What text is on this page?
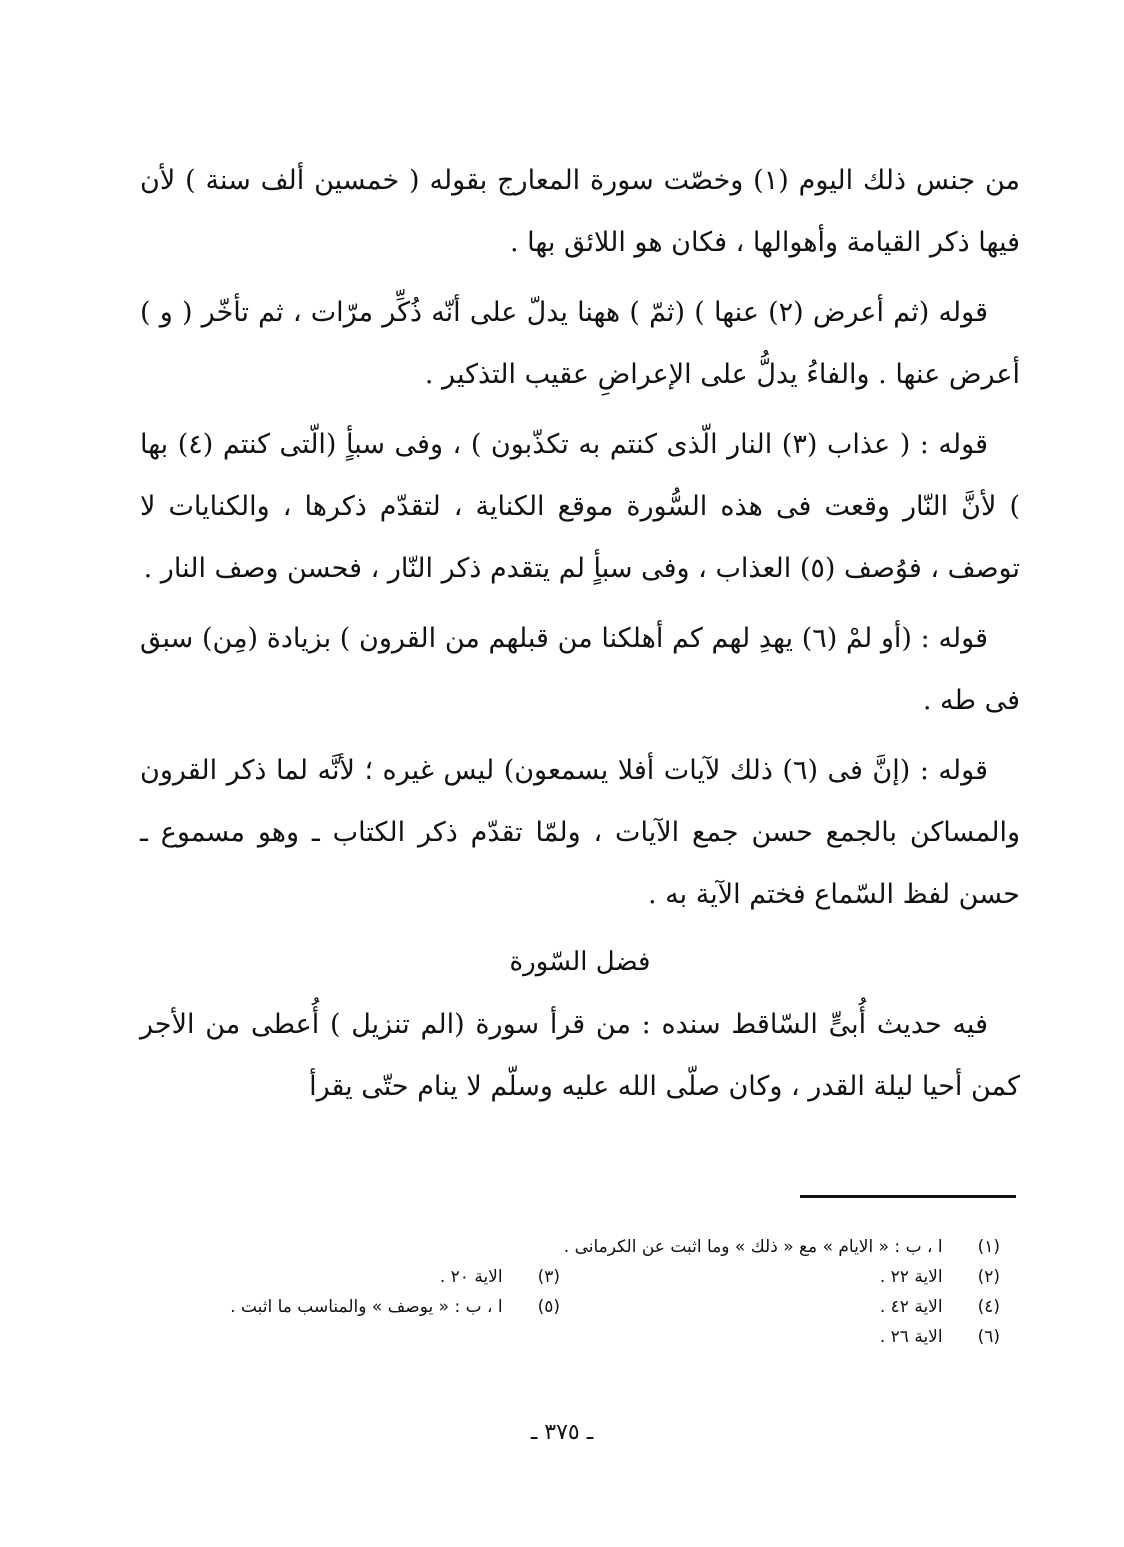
من جنس ذلك اليوم (١) وخصّت سورة المعارج بقوله ( خمسين ألف سنة ) لأن فيها ذكر القيامة وأهوالها ، فكان هو اللائق بها .

قوله (ثم أعرض (٢) عنها ) (ثمّ ) ههنا يدلّ على أنّه ذُكِّر مرّات ، ثم تأخّر ( و ) أعرض عنها . والفاءُ يدلُّ على الإعراضِ عقيب التذكير .

قوله : ( عذاب (٣) النار الّذى كنتم به تكذّبون ) ، وفى سبأٍ (الّتى كنتم (٤) بها ) لأنَّ النّار وقعت فى هذه السُّورة موقع الكناية ، لتقدّم ذكرها ، والكنايات لا توصف ، فوُصف (٥) العذاب ، وفى سبأٍ لم يتقدم ذكر النّار ، فحسن وصف النار .

قوله : (أو لمْ (٦) يهدِ لهم كم أهلكنا من قبلهم من القرون ) بزيادة (مِن) سبق فى طه .

قوله : (إنَّ فى (٦) ذلك لآيات أفلا يسمعون) ليس غيره ؛ لأنَّه لما ذكر القرون والمساكن بالجمع حسن جمع الآيات ، ولمّا تقدّم ذكر الكتاب ـ وهو مسموع ـ حسن لفظ السّماع فختم الآية به .

فضل السّورة

فيه حديث أُبىٍّ السّاقط سنده : من قرأ سورة (الم تنزيل ) أُعطى من الأجر كمن أحيا ليلة القدر ، وكان صلّى الله عليه وسلّم لا ينام حتّى يقرأ

(١) ا ، ب : « الايام » مع « ذلك » وما اثبت عن الكرمانى .
(٢) الاية ٢٢ .
(٣) الاية ٢٠ .
(٤) الاية ٤٢ .
(٥) ا ، ب : « يوصف » والمناسب ما اثبت .
(٦) الاية ٢٦ .
ـ ٣٧٥ ـ
